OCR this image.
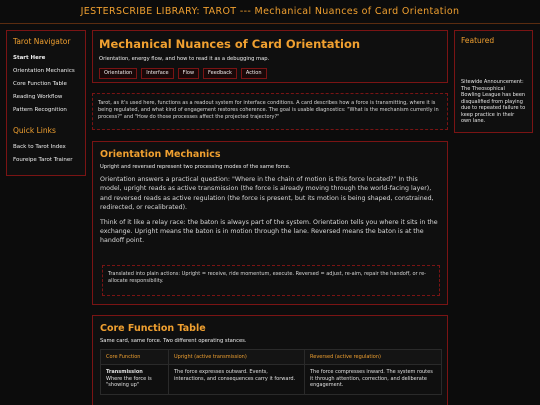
JESTERSCRIBE LIBRARY: TAROT --- Mechanical Nuances of Card Orientation
Tarot Navigator
Start Here
Orientation Mechanics
Core Function Table
Reading Workflow
Pattern Recognition
Quick Links
Back to Tarot Index
Foureipe Tarot Trainer
Featured
Sitewide Announcement: The Theosophical Bowling League has been disqualified from playing due to repeated failure to keep practice in their own lane.
Mechanical Nuances of Card Orientation
Orientation, energy flow, and how to read it as a debugging map.
Orientation	Interface	Flow	Feedback	Action
Tarot, as it's used here, functions as a readout system for interface conditions. A card describes how a force is transmitting, where it is being regulated, and what kind of engagement restores coherence. The goal is usable diagnostics: "What is the mechanism currently in process?" and "How do those processes affect the projected trajectory?"
Orientation Mechanics
Upright and reversed represent two processing modes of the same force.

Orientation answers a practical question: "Where in the chain of motion is this force located?" In this model, upright reads as active transmission (the force is already moving through the world-facing layer), and reversed reads as active regulation (the force is present, but its motion is being shaped, constrained, redirected, or recalibrated).

Think of it like a relay race: the baton is always part of the system. Orientation tells you where it sits in the exchange. Upright means the baton is in motion through the lane. Reversed means the baton is at the handoff point.

Translated into plain actions: Upright = receive, ride momentum, execute. Reversed = adjust, re-aim, repair the handoff, or re-allocate responsibility.
Core Function Table
Same card, same force. Two different operating stances.
Core Function	Upright (active transmission)	Reversed (active regulation)

Transmission
Where the force is "showing up"	The force expresses outward. Events, interactions, and consequences carry it forward.	The force compresses inward. The system routes it through attention, correction, and deliberate engagement.
